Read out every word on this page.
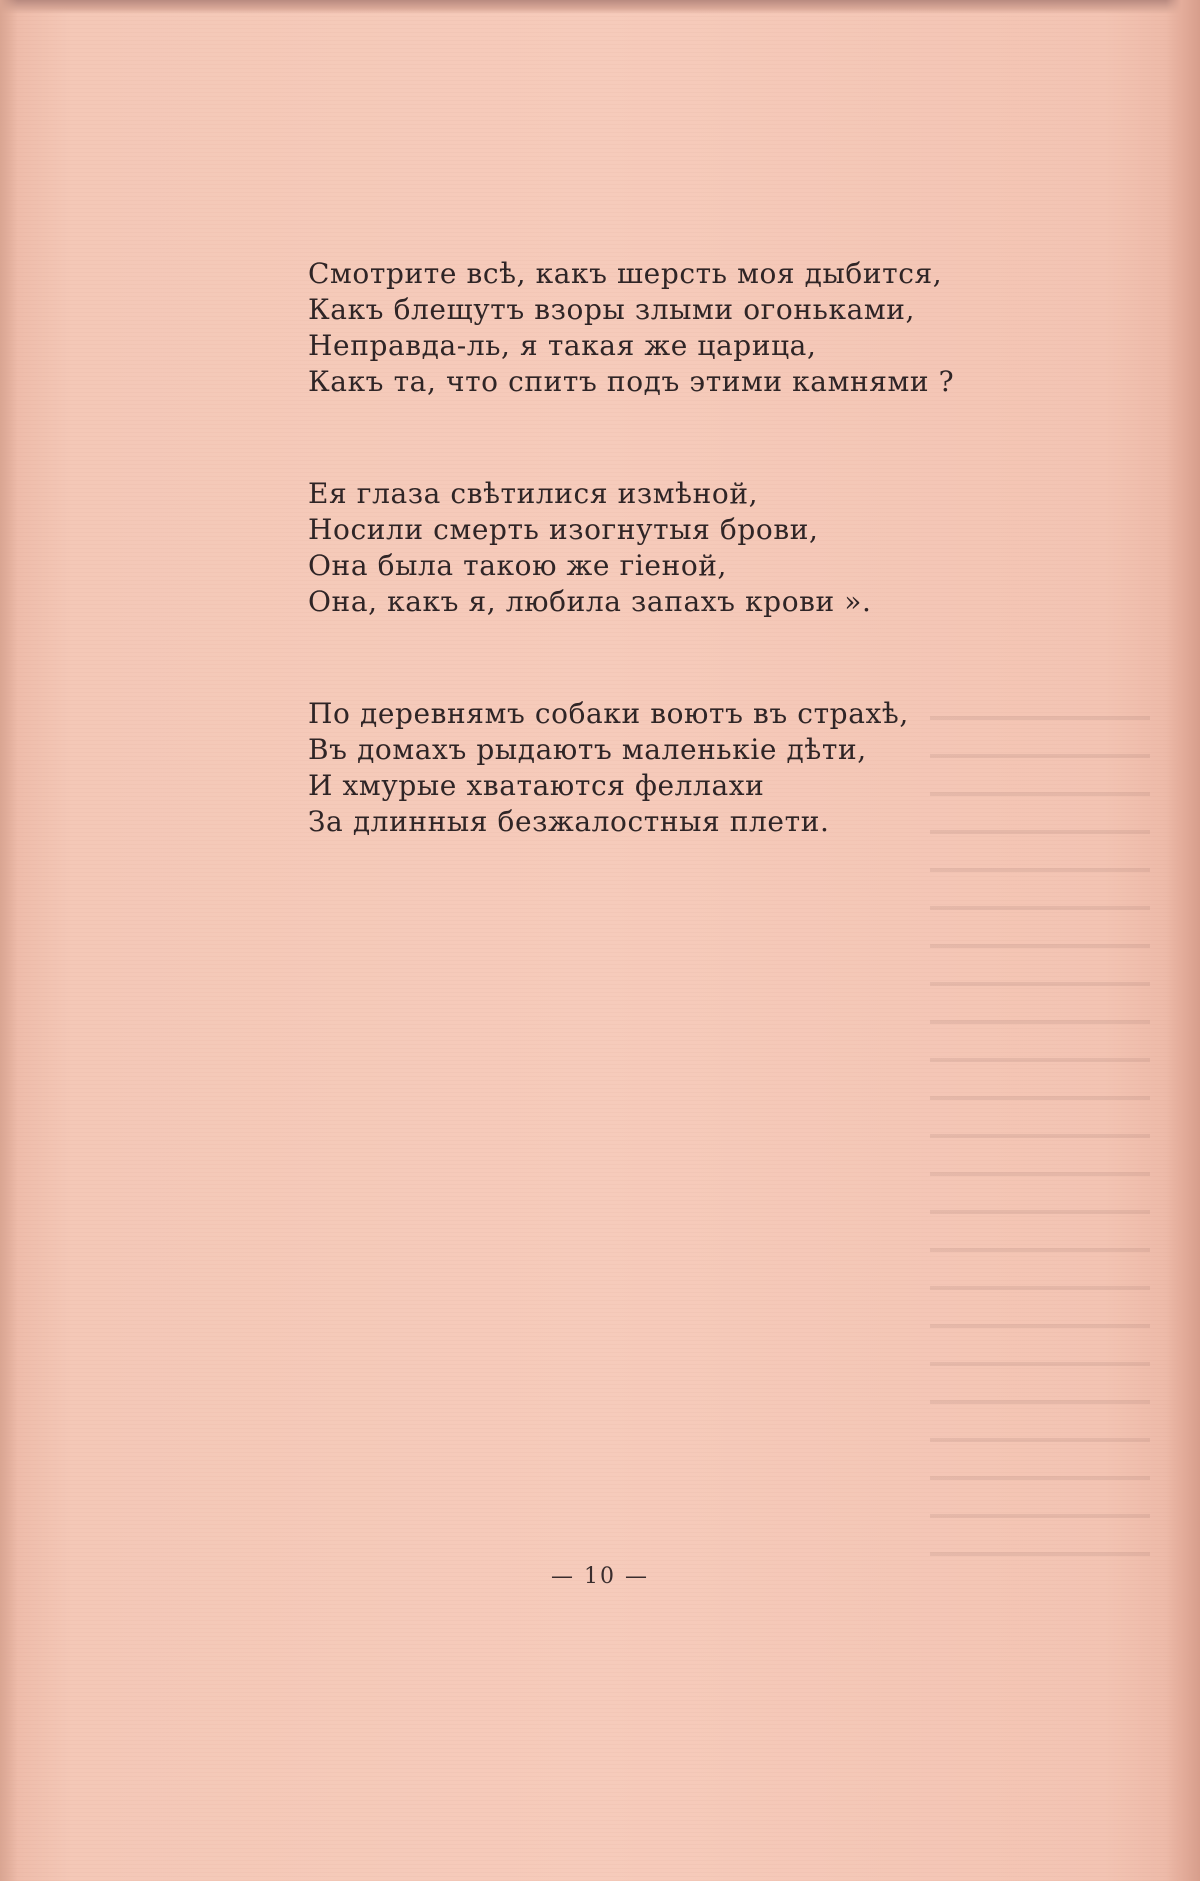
Смотрите всѣ, какъ шерсть моя дыбится,
Какъ блещутъ взоры злыми огоньками,
Неправда-ль, я такая же царица,
Какъ та, что спитъ подъ этими камнями ?
Ея глаза свѣтилися измѣной,
Носили смерть изогнутыя брови,
Она была такою же гіеной,
Она, какъ я, любила запахъ крови ».
По деревнямъ собаки воютъ въ страхѣ,
Въ домахъ рыдаютъ маленькіе дѣти,
И хмурые хватаются феллахи
За длинныя безжалостныя плети.
— 10 —
